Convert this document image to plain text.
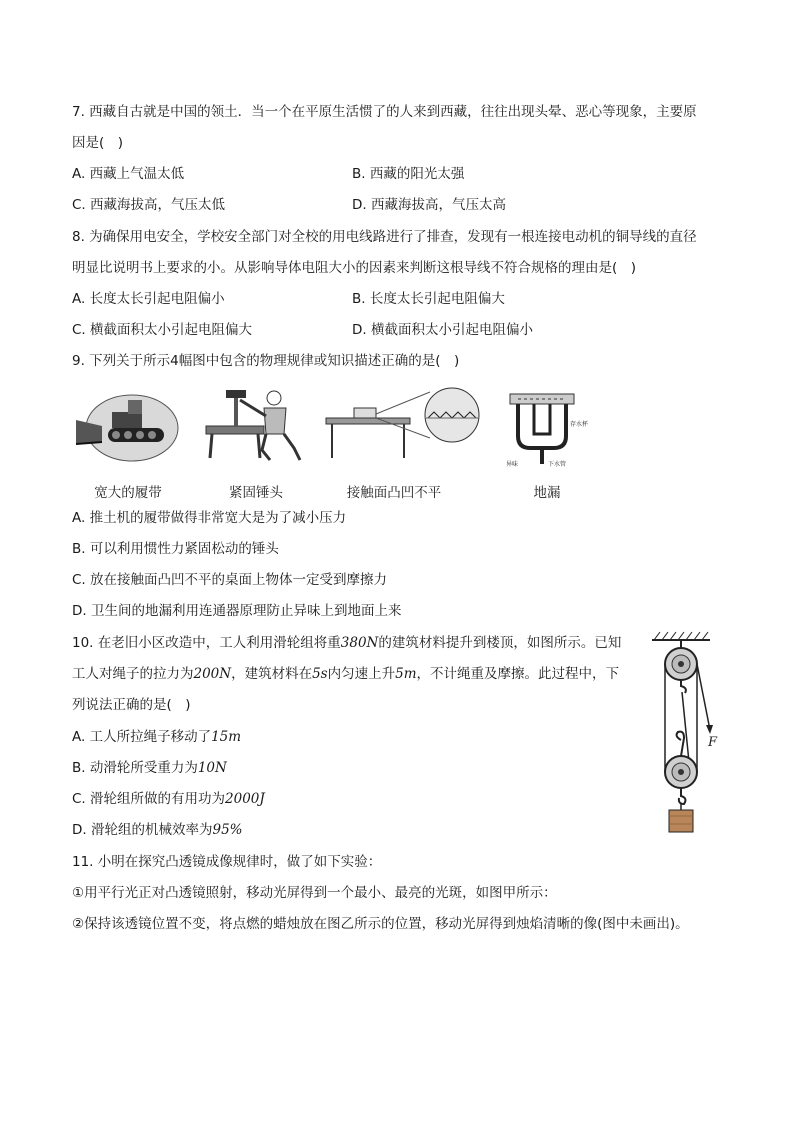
7. 西藏自古就是中国的领土．当一个在平原生活惯了的人来到西藏，往往出现头晕、恶心等现象，主要原
因是(　)
A. 西藏上气温太低	B. 西藏的阳光太强
C. 西藏海拔高，气压太低	D. 西藏海拔高，气压太高
8. 为确保用电安全，学校安全部门对全校的用电线路进行了排查，发现有一根连接电动机的铜导线的直径
明显比说明书上要求的小。从影响导体电阻大小的因素来判断这根导线不符合规格的理由是(　)
A. 长度太长引起电阻偏小	B. 长度太长引起电阻偏大
C. 横截面积太小引起电阻偏大	D. 横截面积太小引起电阻偏小
9. 下列关于所示4幅图中包含的物理规律或知识描述正确的是(　)
宽大的履带	紧固锤头	接触面凸凹不平
存水杯
异味	下水管
地漏
A. 推土机的履带做得非常宽大是为了减小压力
B. 可以利用惯性力紧固松动的锤头
C. 放在接触面凸凹不平的桌面上物体一定受到摩擦力
D. 卫生间的地漏利用连通器原理防止异味上到地面上来
10. 在老旧小区改造中，工人利用滑轮组将重380N的建筑材料提升到楼顶，如图所示。已知
工人对绳子的拉力为200N，建筑材料在5s内匀速上升5m，不计绳重及摩擦。此过程中，下
列说法正确的是(　)
A. 工人所拉绳子移动了15m
B. 动滑轮所受重力为10N
C. 滑轮组所做的有用功为2000J
D. 滑轮组的机械效率为95%
F
11. 小明在探究凸透镜成像规律时，做了如下实验：
①用平行光正对凸透镜照射，移动光屏得到一个最小、最亮的光斑，如图甲所示：
②保持该透镜位置不变，将点燃的蜡烛放在图乙所示的位置，移动光屏得到烛焰清晰的像(图中未画出)。
